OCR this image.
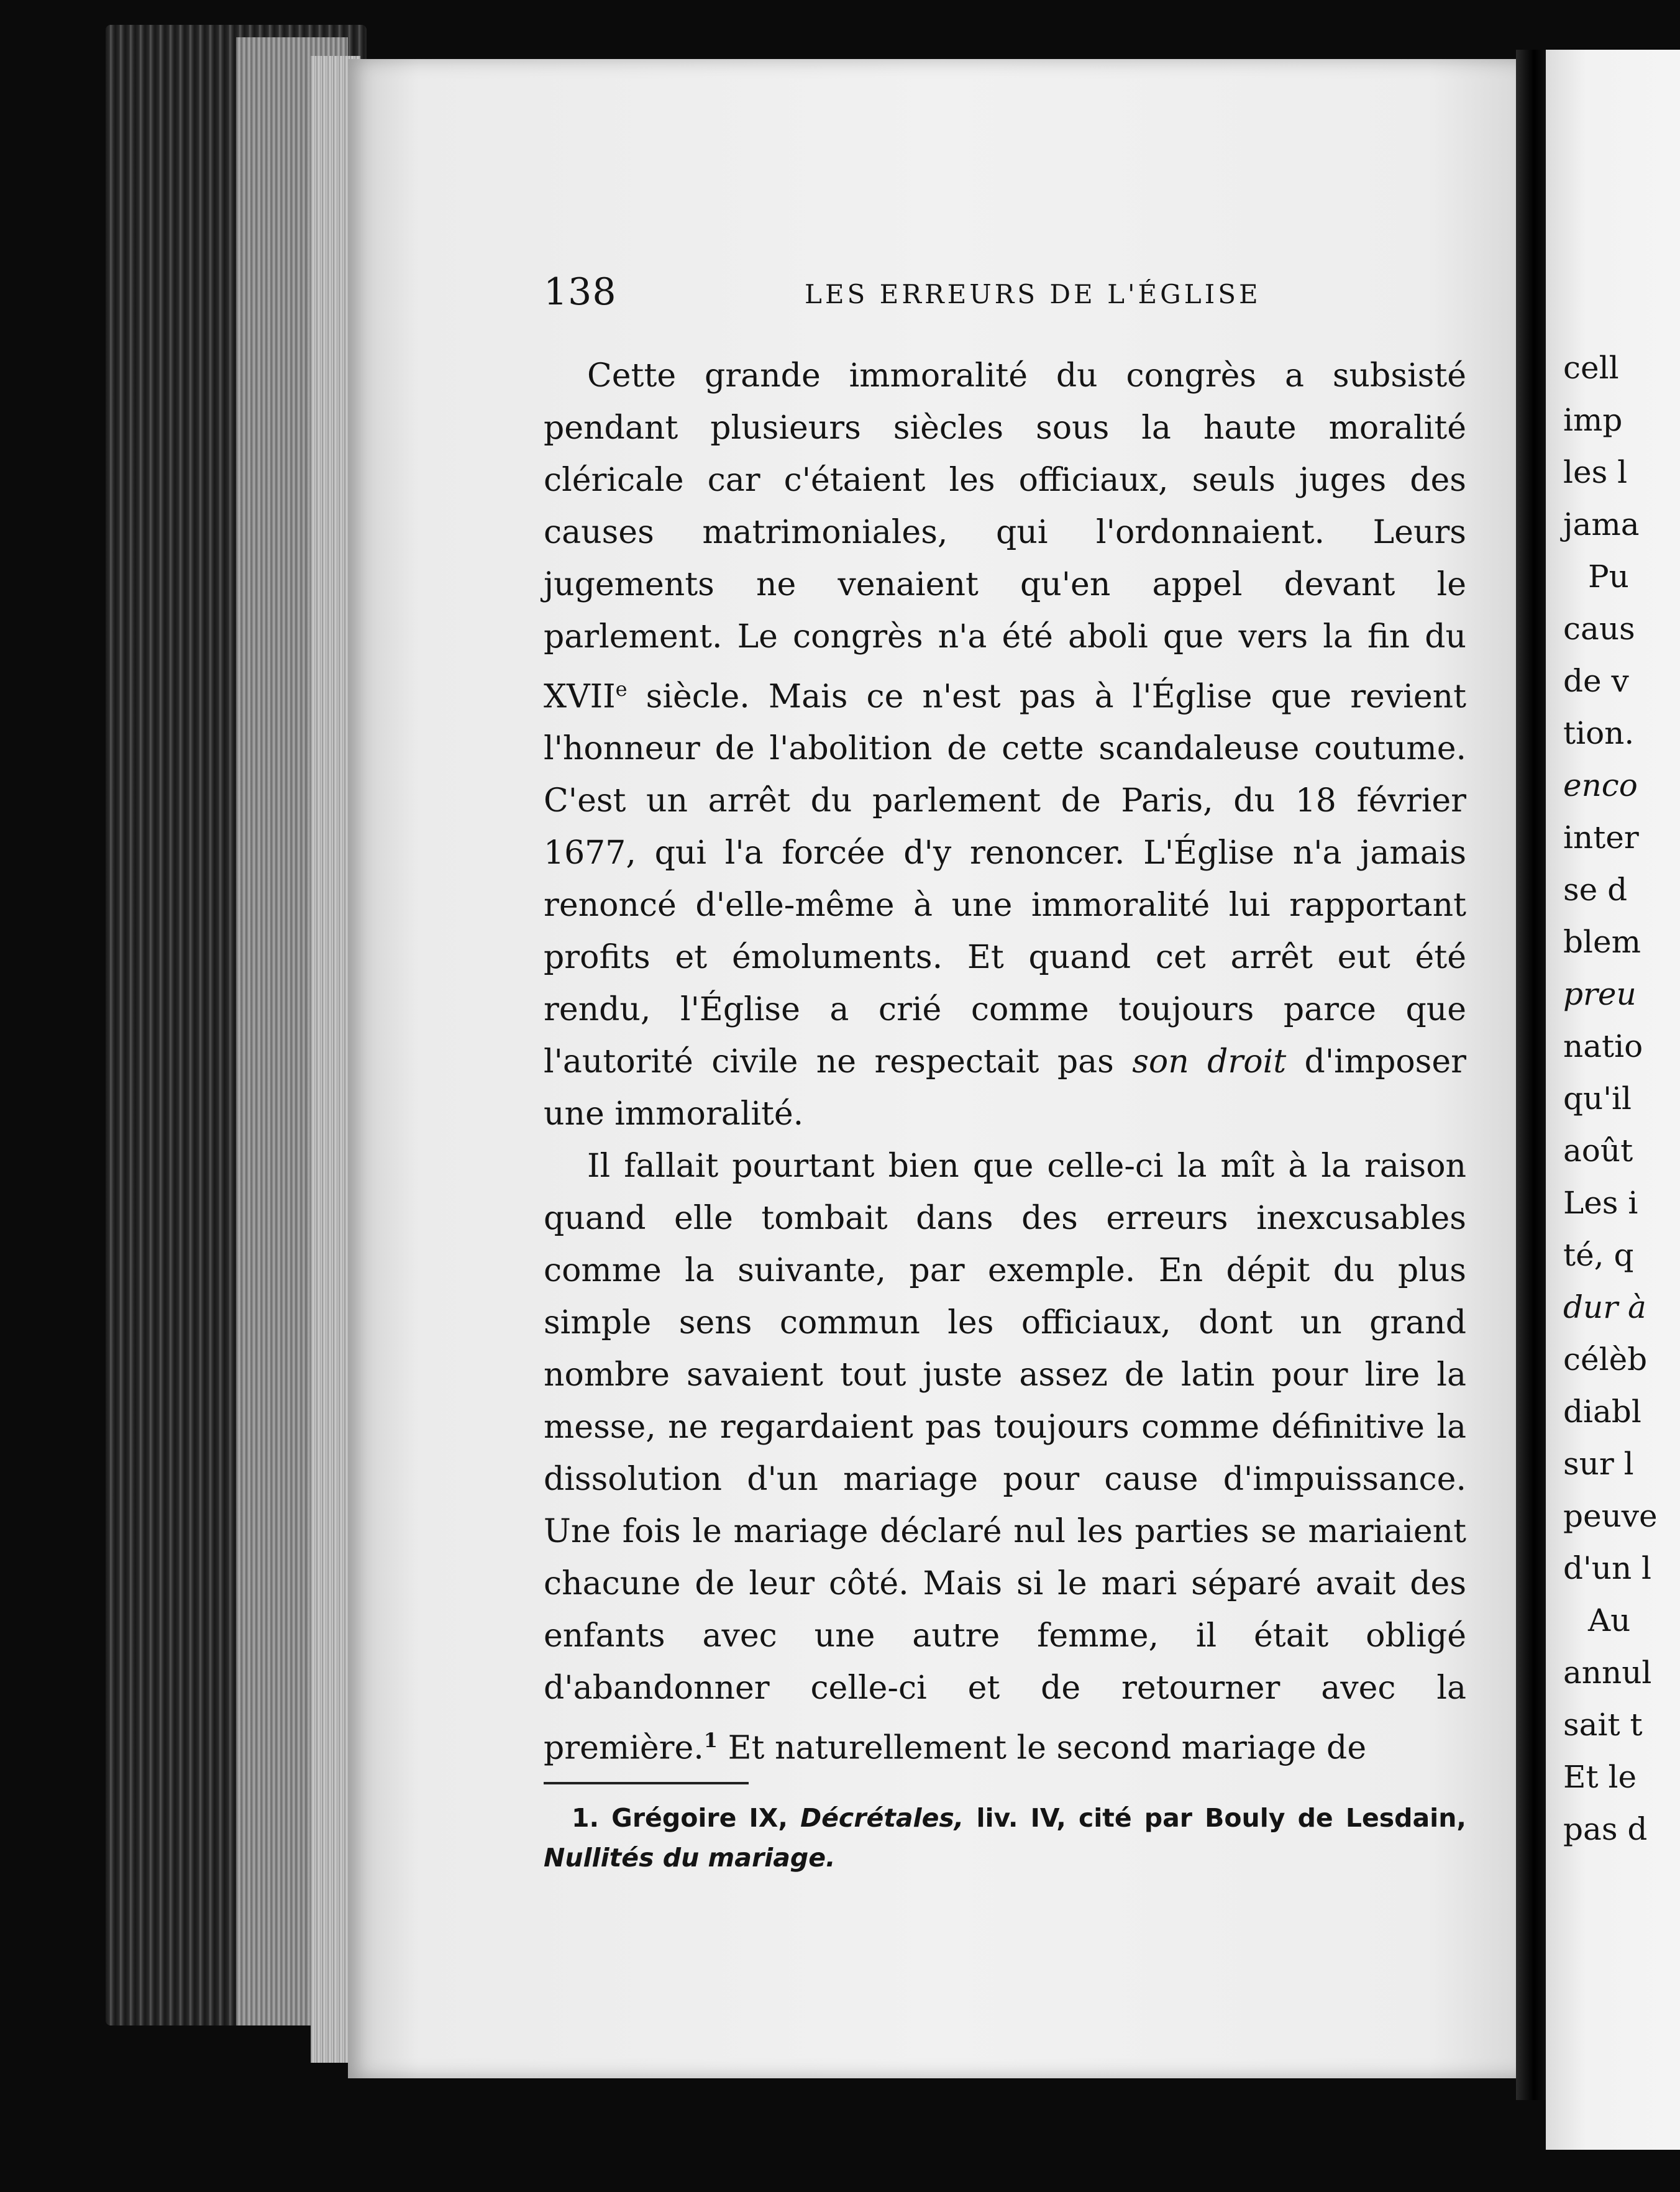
138	LES ERREURS DE L'ÉGLISE

Cette grande immoralité du congrès a subsisté pendant plusieurs siècles sous la haute moralité cléricale car c'étaient les officiaux, seuls juges des causes matrimoniales, qui l'ordonnaient. Leurs jugements ne venaient qu'en appel devant le parlement. Le congrès n'a été aboli que vers la fin du XVIIe siècle. Mais ce n'est pas à l'Église que revient l'honneur de l'abolition de cette scandaleuse coutume. C'est un arrêt du parlement de Paris, du 18 février 1677, qui l'a forcée d'y renoncer. L'Église n'a jamais renoncé d'elle-même à une immoralité lui rapportant profits et émoluments. Et quand cet arrêt eut été rendu, l'Église a crié comme toujours parce que l'autorité civile ne respectait pas son droit d'imposer une immoralité.

Il fallait pourtant bien que celle-ci la mît à la raison quand elle tombait dans des erreurs inexcusables comme la suivante, par exemple. En dépit du plus simple sens commun les officiaux, dont un grand nombre savaient tout juste assez de latin pour lire la messe, ne regardaient pas toujours comme définitive la dissolution d'un mariage pour cause d'impuissance. Une fois le mariage déclaré nul les parties se mariaient chacune de leur côté. Mais si le mari séparé avait des enfants avec une autre femme, il était obligé d'abandonner celle-ci et de retourner avec la première.$^1$ Et naturellement le second mariage de

1. Grégoire IX, Décrétales, liv. IV, cité par Bouly de Lesdain, Nullités du mariage.
cell
imp
les l
jama
Pu
caus
de v
tion.
enco
inter
se d
blem
preu
natio
qu'il
août
Les i
té, q
dur à
célèb
diabl
sur l
peuve
d'un l
Au
annul
sait t
Et le
pas d
